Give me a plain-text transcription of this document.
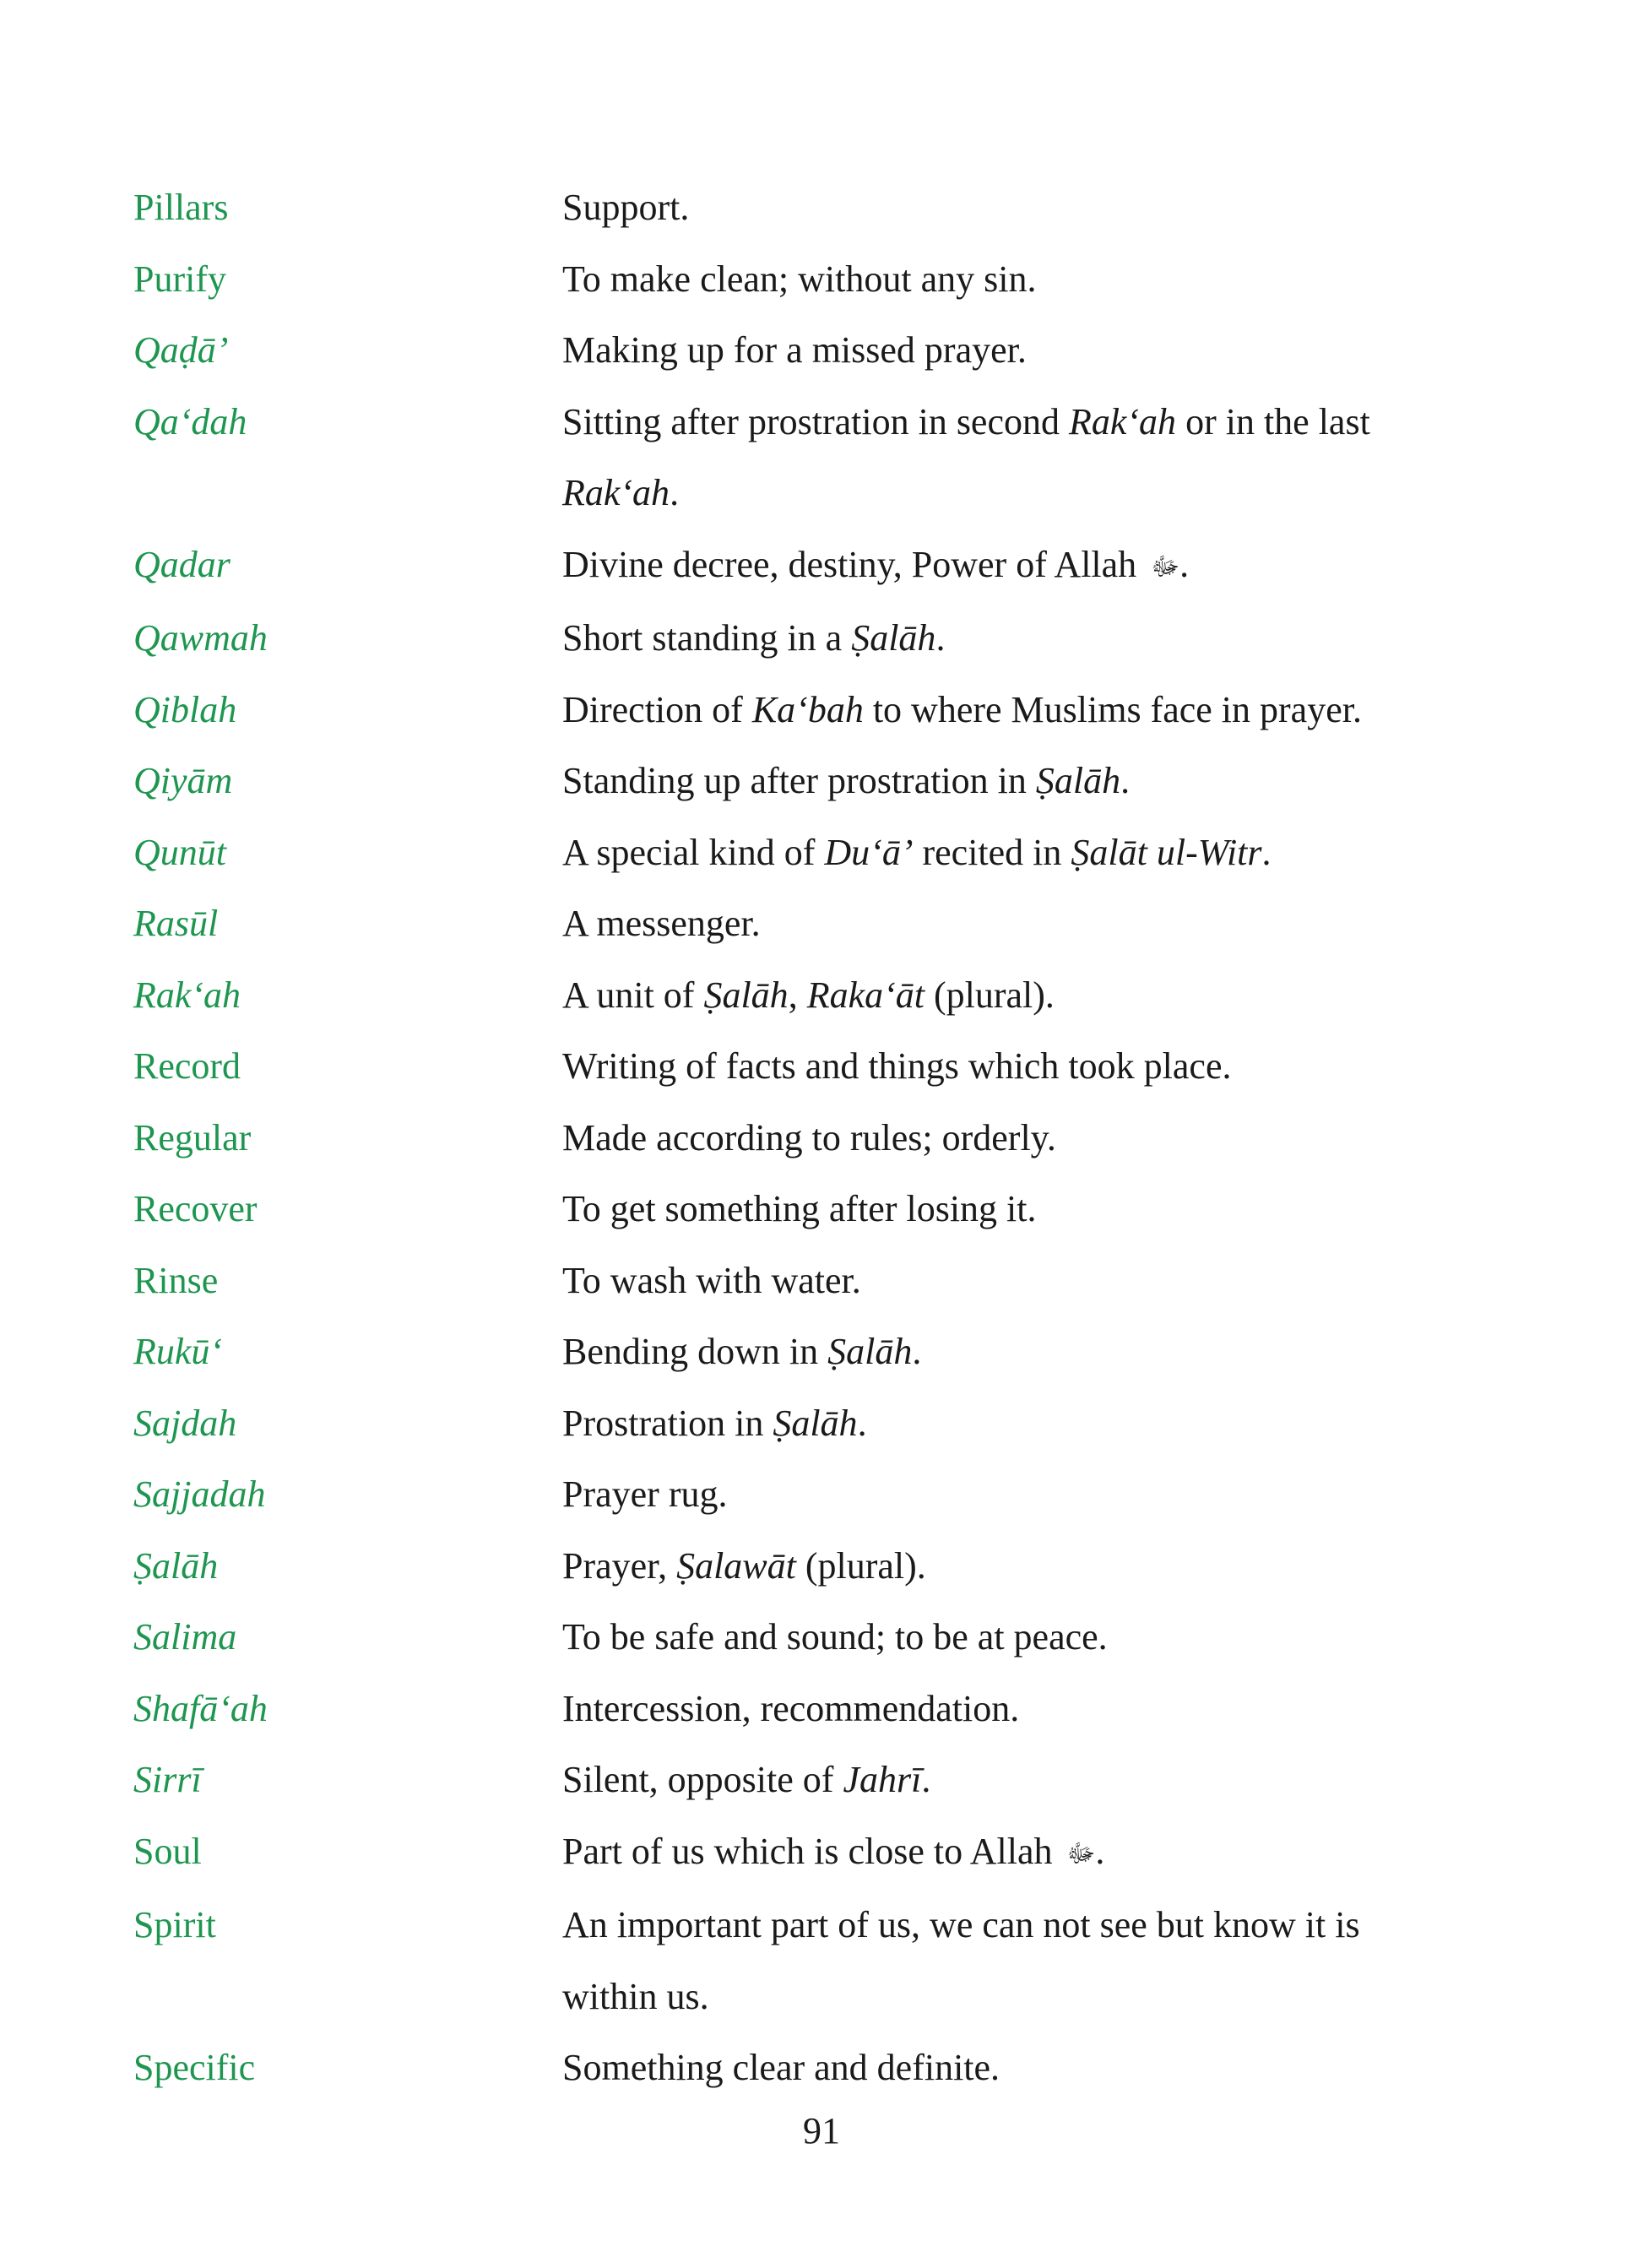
Pillars	Support.
Purify	To make clean; without any sin.
Qaḍā’	Making up for a missed prayer.
Qa‘dah	Sitting after prostration in second Rak‘ah or in the last Rak‘ah.
Qadar	Divine decree, destiny, Power of Allah ﷻ.
Qawmah	Short standing in a Ṣalāh.
Qiblah	Direction of Ka‘bah to where Muslims face in prayer.
Qiyām	Standing up after prostration in Ṣalāh.
Qunūt	A special kind of Du‘ā’ recited in Ṣalāt ul-Witr.
Rasūl	A messenger.
Rak‘ah	A unit of Ṣalāh, Raka‘āt (plural).
Record	Writing of facts and things which took place.
Regular	Made according to rules; orderly.
Recover	To get something after losing it.
Rinse	To wash with water.
Rukū‘	Bending down in Ṣalāh.
Sajdah	Prostration in Ṣalāh.
Sajjadah	Prayer rug.
Ṣalāh	Prayer, Ṣalawāt (plural).
Salima	To be safe and sound; to be at peace.
Shafā‘ah	Intercession, recommendation.
Sirrī	Silent, opposite of Jahrī.
Soul	Part of us which is close to Allah ﷻ.
Spirit	An important part of us, we can not see but know it is within us.
Specific	Something clear and definite.
91
